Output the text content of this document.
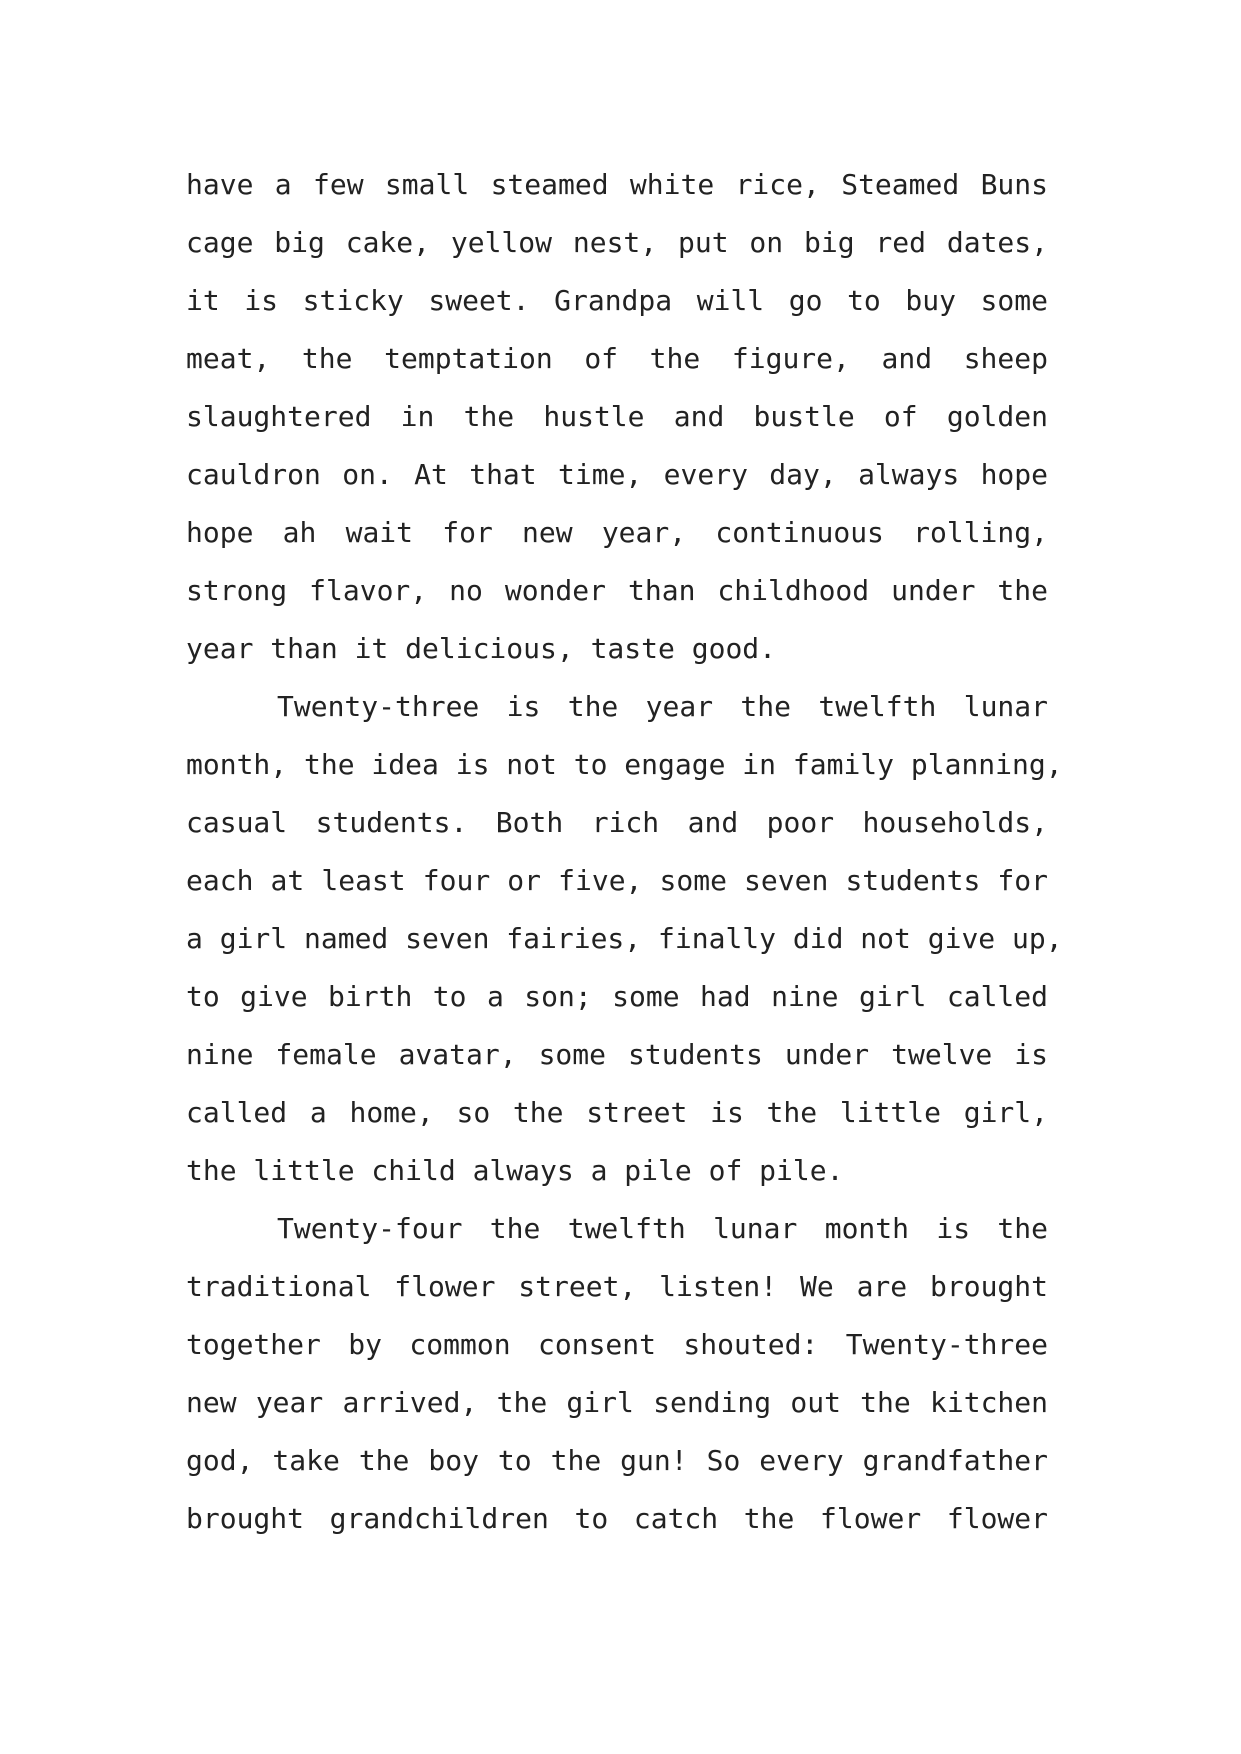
have a few small steamed white rice, Steamed Buns
cage big cake, yellow nest, put on big red dates,
it is sticky sweet. Grandpa will go to buy some
meat, the temptation of the figure, and sheep
slaughtered in the hustle and bustle of golden
cauldron on. At that time, every day, always hope
hope ah wait for new year, continuous rolling,
strong flavor, no wonder than childhood under the
year than it delicious, taste good.
Twenty-three is the year the twelfth lunar
month, the idea is not to engage in family planning,
casual students. Both rich and poor households,
each at least four or five, some seven students for
a girl named seven fairies, finally did not give up,
to give birth to a son; some had nine girl called
nine female avatar, some students under twelve is
called a home, so the street is the little girl,
the little child always a pile of pile.
Twenty-four the twelfth lunar month is the
traditional flower street, listen! We are brought
together by common consent shouted: Twenty-three
new year arrived, the girl sending out the kitchen
god, take the boy to the gun! So every grandfather
brought grandchildren to catch the flower flower
